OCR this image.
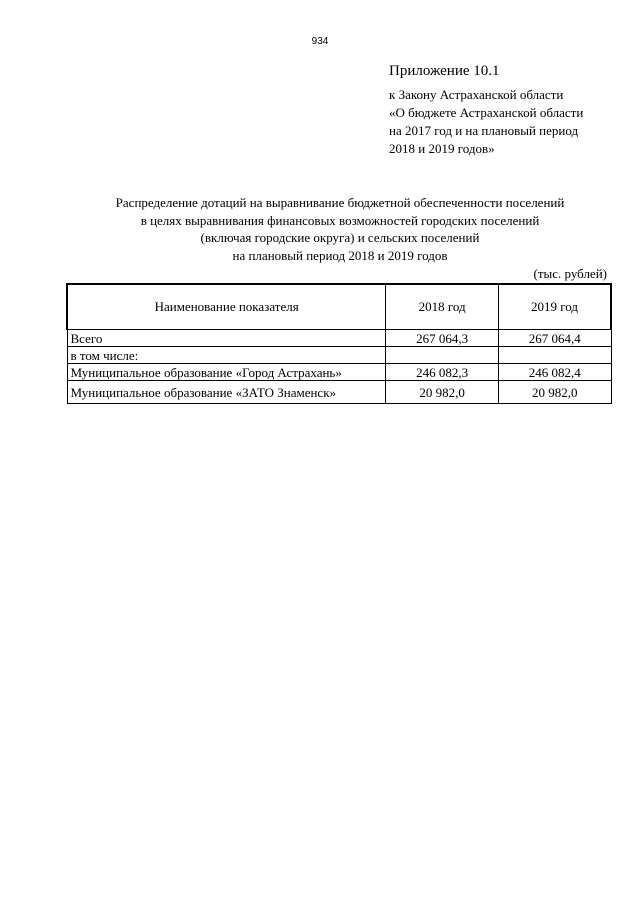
934
Приложение 10.1
к Закону Астраханской области
«О бюджете Астраханской области
на 2017 год и на плановый период
2018 и 2019 годов»
Распределение дотаций на выравнивание бюджетной обеспеченности поселений
в целях выравнивания финансовых возможностей городских поселений
(включая городские округа) и сельских поселений
на плановый период 2018 и 2019 годов
(тыс. рублей)
Наименование показателя	2018 год	2019 год
Всего	267 064,3	267 064,4
в том числе:		
Муниципальное образование «Город Астрахань»	246 082,3	246 082,4
Муниципальное образование «ЗАТО Знаменск»	20 982,0	20 982,0
